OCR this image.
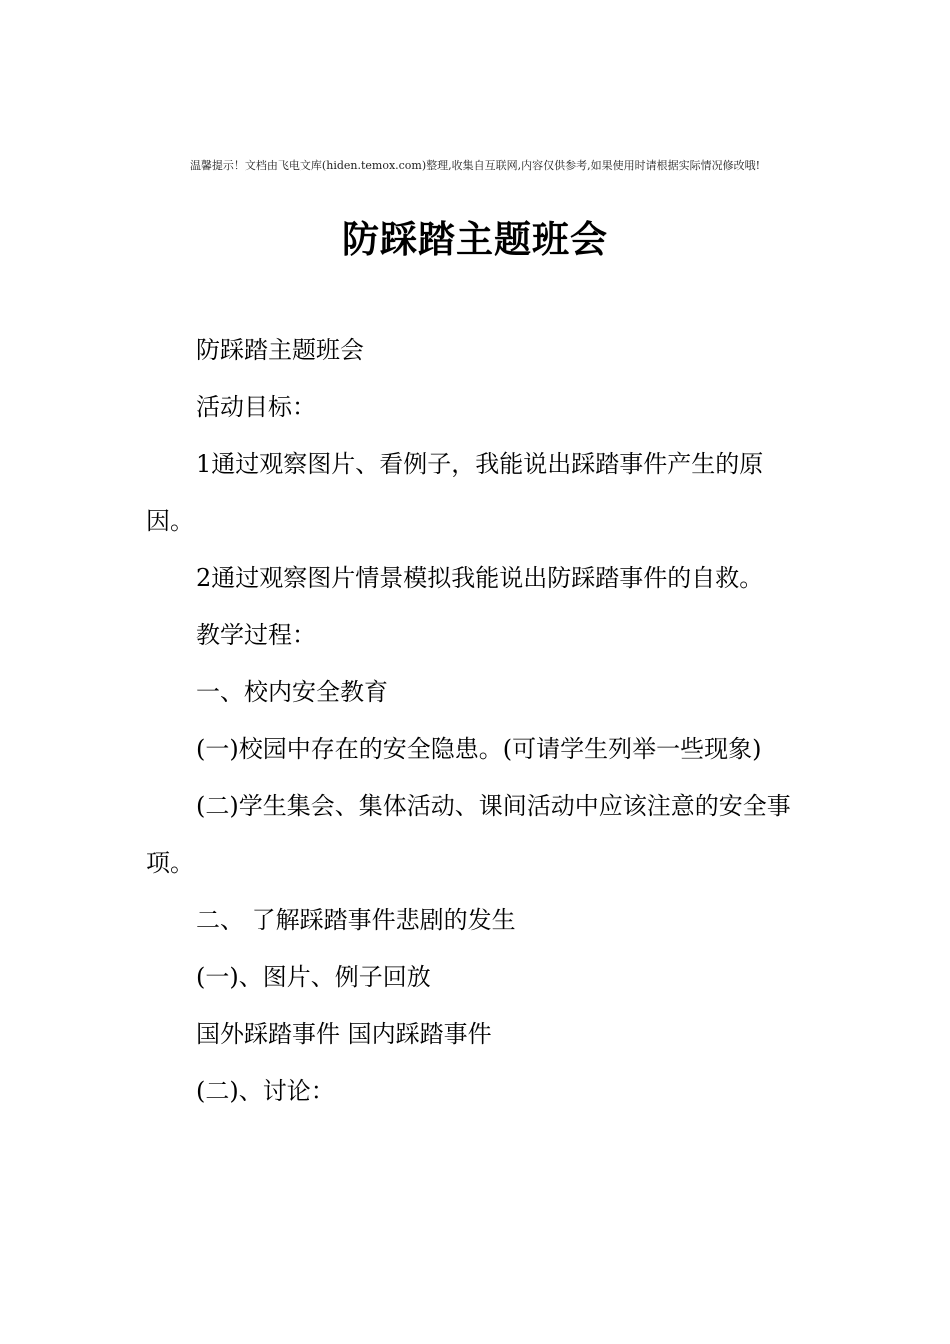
温馨提示！文档由飞电文库(hiden.temox.com)整理,收集自互联网,内容仅供参考,如果使用时请根据实际情况修改哦!
防踩踏主题班会

防踩踏主题班会

活动目标：

1通过观察图片、看例子，我能说出踩踏事件产生的原因。

2通过观察图片情景模拟我能说出防踩踏事件的自救。

教学过程：

一、校内安全教育

(一)校园中存在的安全隐患。(可请学生列举一些现象)

(二)学生集会、集体活动、课间活动中应该注意的安全事项。

二、 了解踩踏事件悲剧的发生

(一)、图片、例子回放

国外踩踏事件 国内踩踏事件

(二)、讨论：
